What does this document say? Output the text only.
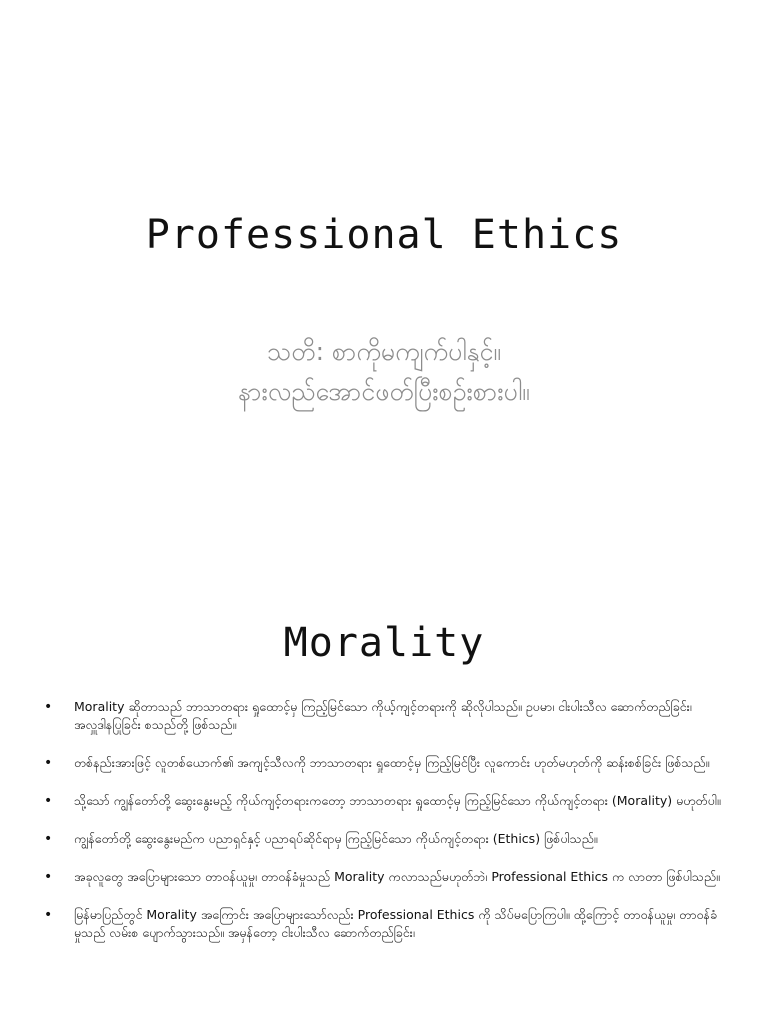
Professional Ethics
သတိ: စာကိုမကျက်ပါနှင့်။
နားလည်အောင်ဖတ်ပြီးစဉ်းစားပါ။
Morality
• Morality ဆိုတာသည် ဘာသာတရား ရှုထောင့်မှ ကြည့်မြင်သော ကိုယ့်ကျင့်တရားကို ဆိုလိုပါသည်။ ဥပမာ၊ ငါးပါးသီလ ဆောက်တည်ခြင်း၊ အလှူဒါနပြုခြင်း စသည်တို့ ဖြစ်သည်။
• တစ်နည်းအားဖြင့် လူတစ်ယောက်၏ အကျင့်သီလကို ဘာသာတရား ရှုထောင့်မှ ကြည့်မြင်ပြီး လူကောင်း ဟုတ်မဟုတ်ကို ဆန်းစစ်ခြင်း ဖြစ်သည်။
• သို့သော် ကျွန်တော်တို့ ဆွေးနွေးမည့် ကိုယ်ကျင့်တရားကတော့ ဘာသာတရား ရှုထောင့်မှ ကြည့်မြင်သော ကိုယ်ကျင့်တရား (Morality) မဟုတ်ပါ။
• ကျွန်တော်တို့ ဆွေးနွေးမည်က ပညာရှင်နှင့် ပညာရပ်ဆိုင်ရာမှ ကြည့်မြင်သော ကိုယ်ကျင့်တရား (Ethics) ဖြစ်ပါသည်။
• အခုလူတွေ အပြောများသော တာဝန်ယူမှု၊ တာဝန်ခံမှုသည် Morality ကလာသည်မဟုတ်ဘဲ၊ Professional Ethics က လာတာ ဖြစ်ပါသည်။
• မြန်မာပြည်တွင် Morality အကြောင်း အပြောများသော်လည်း Professional Ethics ကို သိပ်မပြောကြပါ။ ထို့ကြောင့် တာဝန်ယူမှု၊ တာဝန်ခံမှုသည် လမ်းစ ပျောက်သွားသည်။ အမှန်တော့ ငါးပါးသီလ ဆောက်တည်ခြင်း၊
